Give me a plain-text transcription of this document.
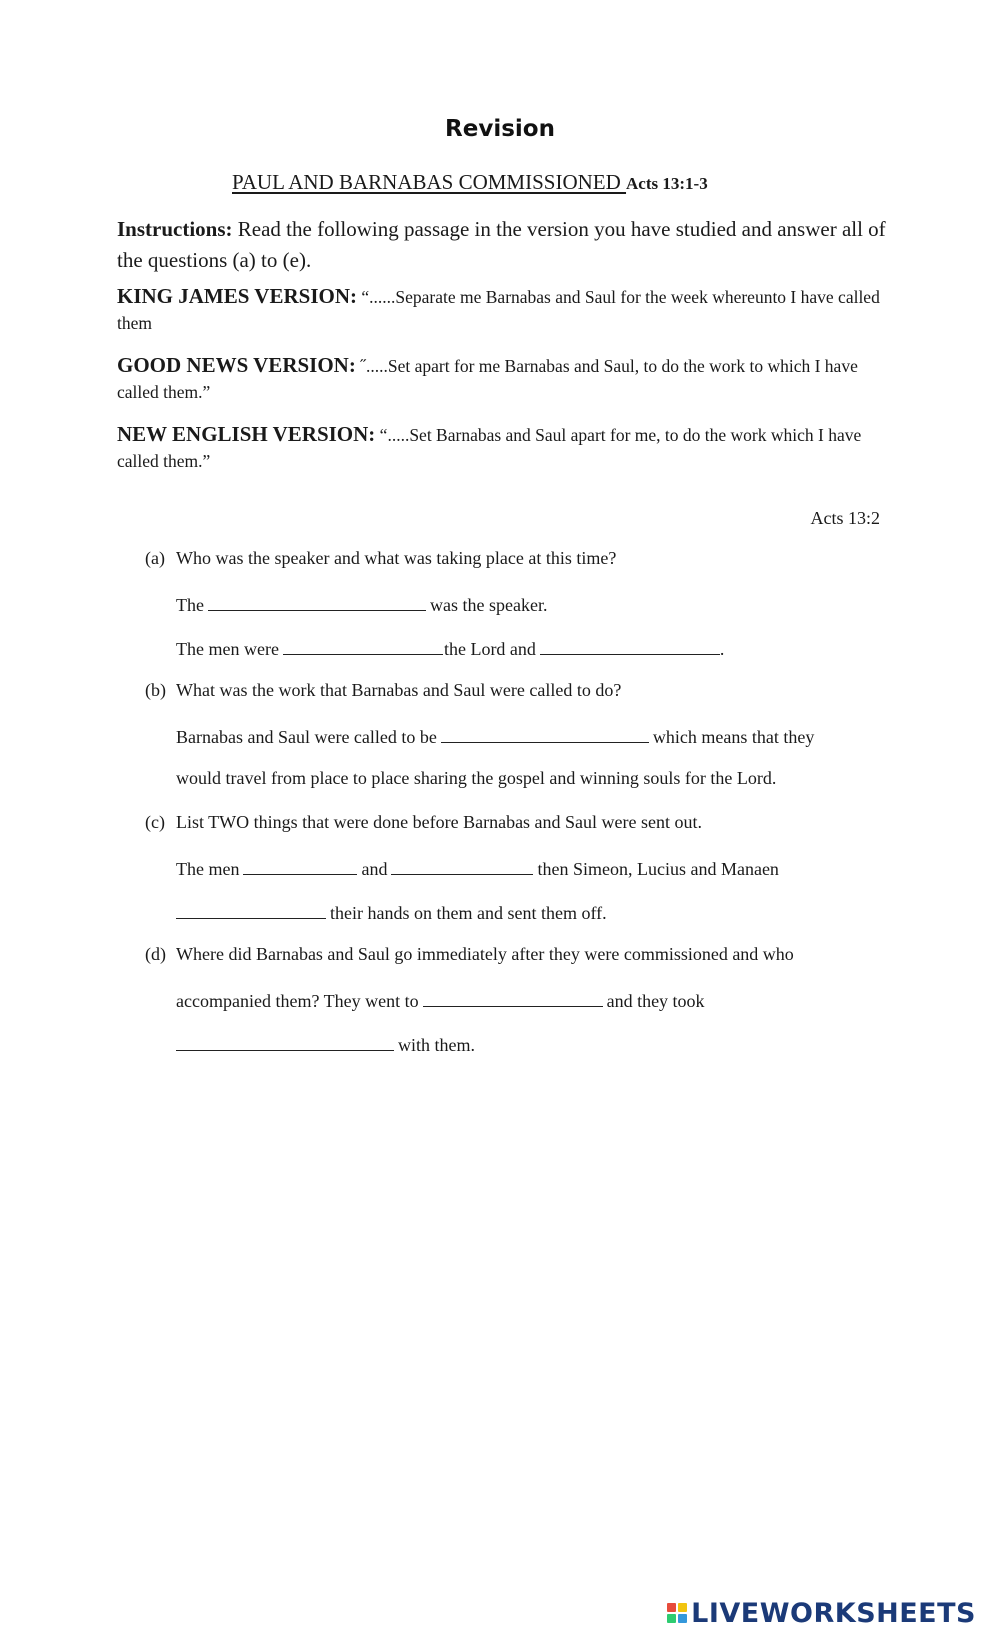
Revision
PAUL AND BARNABAS COMMISSIONED Acts 13:1-3
Instructions: Read the following passage in the version you have studied and answer all of the questions (a) to (e).
KING JAMES VERSION: “......Separate me Barnabas and Saul for the week whereunto I have called them
GOOD NEWS VERSION: ˝.....Set apart for me Barnabas and Saul, to do the work to which I have called them.”
NEW ENGLISH VERSION: “.....Set Barnabas and Saul apart for me, to do the work which I have called them.”
Acts 13:2
(a) Who was the speaker and what was taking place at this time?
The	was the speaker.
The men were	the Lord and	.
(b) What was the work that Barnabas and Saul were called to do?
Barnabas and Saul were called to be	which means that they
would travel from place to place sharing the gospel and winning souls for the Lord.
(c) List TWO things that were done before Barnabas and Saul were sent out.
The men	and	then Simeon, Lucius and Manaen
their hands on them and sent them off.
(d) Where did Barnabas and Saul go immediately after they were commissioned and who
accompanied them? They went to	and they took
with them.
LIVEWORKSHEETS
